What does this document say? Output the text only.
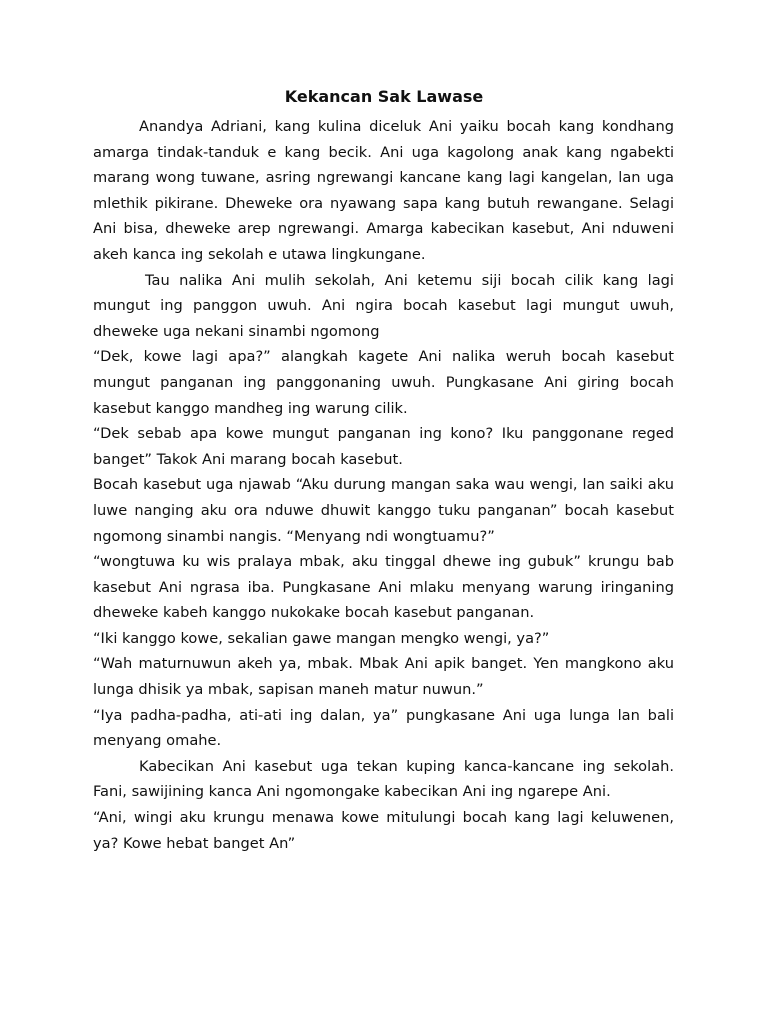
Kekancan Sak Lawase

Anandya Adriani, kang kulina diceluk Ani yaiku bocah kang kondhang amarga tindak-tanduk e kang becik. Ani uga kagolong anak kang ngabekti marang wong tuwane, asring ngrewangi kancane kang lagi kangelan, lan uga mlethik pikirane. Dheweke ora nyawang sapa kang butuh rewangane. Selagi Ani bisa, dheweke arep ngrewangi. Amarga kabecikan kasebut, Ani nduweni akeh kanca ing sekolah e utawa lingkungane.

Tau nalika Ani mulih sekolah, Ani ketemu siji bocah cilik kang lagi mungut ing panggon uwuh. Ani ngira bocah kasebut lagi mungut uwuh, dheweke uga nekani sinambi ngomong

“Dek, kowe lagi apa?” alangkah kagete Ani nalika weruh bocah kasebut mungut panganan ing panggonaning uwuh. Pungkasane Ani giring bocah kasebut kanggo mandheg ing warung cilik.

“Dek sebab apa kowe mungut panganan ing kono? Iku panggonane reged banget” Takok Ani marang bocah kasebut.

Bocah kasebut uga njawab “Aku durung mangan saka wau wengi, lan saiki aku luwe nanging aku ora nduwe dhuwit kanggo tuku panganan” bocah kasebut ngomong sinambi nangis. “Menyang ndi wongtuamu?”

“wongtuwa ku wis pralaya mbak, aku tinggal dhewe ing gubuk” krungu bab kasebut Ani ngrasa iba. Pungkasane Ani mlaku menyang warung iringaning dheweke kabeh kanggo nukokake bocah kasebut panganan.

“Iki kanggo kowe, sekalian gawe mangan mengko wengi, ya?”

“Wah maturnuwun akeh ya, mbak. Mbak Ani apik banget. Yen mangkono aku lunga dhisik ya mbak, sapisan maneh matur nuwun.”

“Iya padha-padha, ati-ati ing dalan, ya” pungkasane Ani uga lunga lan bali menyang omahe.

Kabecikan Ani kasebut uga tekan kuping kanca-kancane ing sekolah. Fani, sawijining kanca Ani ngomongake kabecikan Ani ing ngarepe Ani.

“Ani, wingi aku krungu menawa kowe mitulungi bocah kang lagi keluwenen, ya? Kowe hebat banget An”
